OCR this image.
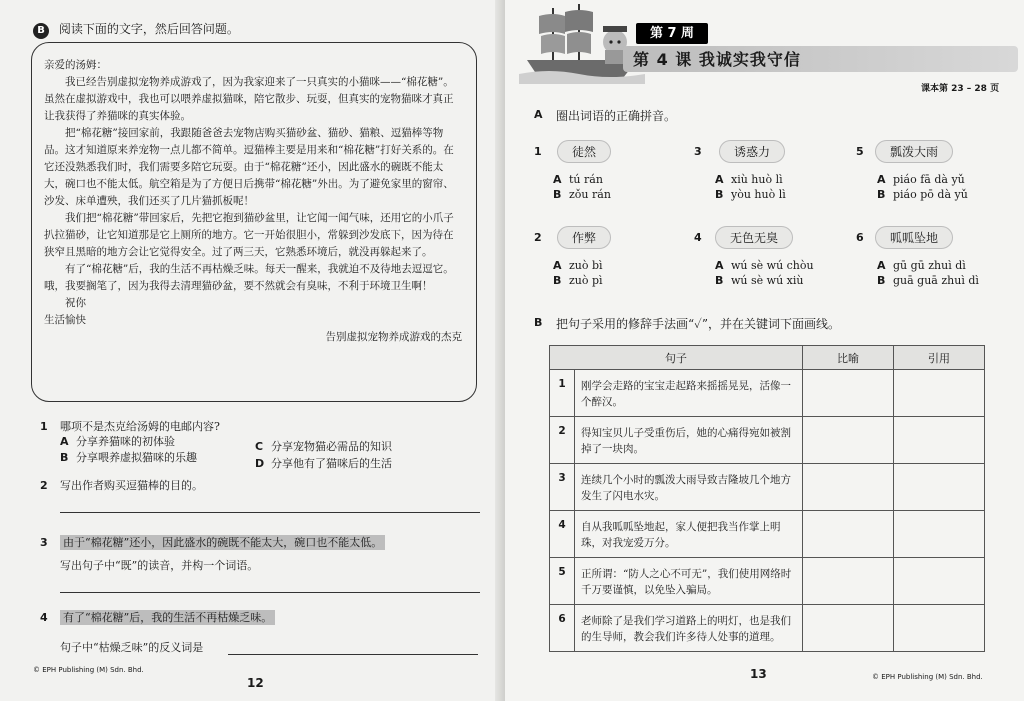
B 阅读下面的文字，然后回答问题。

亲爱的汤姆：

我已经告别虚拟宠物养成游戏了，因为我家迎来了一只真实的小猫咪——“棉花糖”。虽然在虚拟游戏中，我也可以喂养虚拟猫咪，陪它散步、玩耍，但真实的宠物猫咪才真正让我获得了养猫咪的真实体验。

把“棉花糖”接回家前，我跟随爸爸去宠物店购买猫砂盆、猫砂、猫粮、逗猫棒等物品。这才知道原来养宠物一点儿都不简单。逗猫棒主要是用来和“棉花糖”打好关系的。在它还没熟悉我们时，我们需要多陪它玩耍。由于“棉花糖”还小，因此盛水的碗既不能太大，碗口也不能太低。航空箱是为了方便日后携带“棉花糖”外出。为了避免家里的窗帘、沙发、床单遭殃，我们还买了几片猫抓板呢！

我们把“棉花糖”带回家后，先把它抱到猫砂盆里，让它闻一闻气味，还用它的小爪子扒拉猫砂，让它知道那是它上厕所的地方。它一开始很胆小，常躲到沙发底下，因为待在狭窄且黑暗的地方会让它觉得安全。过了两三天，它熟悉环境后，就没再躲起来了。

有了“棉花糖”后，我的生活不再枯燥乏味。每天一醒来，我就迫不及待地去逗逗它。哦，我要搁笔了，因为我得去清理猫砂盆，要不然就会有臭味，不利于环境卫生啊！

祝你

生活愉快

告别虚拟宠物养成游戏的杰克

1 哪项不是杰克给汤姆的电邮内容?
A 分享养猫咪的初体验
B 分享喂养虚拟猫咪的乐趣
C 分享宠物猫必需品的知识
D 分享他有了猫咪后的生活
2 写出作者购买逗猫棒的目的。
3 由于“棉花糖”还小，因此盛水的碗既不能太大，碗口也不能太低。
写出句子中“既”的读音，并构一个词语。
4 有了“棉花糖”后，我的生活不再枯燥乏味。
句子中“枯燥乏味”的反义词是
© EPH Publishing (M) Sdn. Bhd.
12
第 7 周
第 4 课 我诚实我守信
课本第 23 – 28 页
A 圈出词语的正确拼音。
1	徒然
A tú rán
B zǒu rán
3	诱惑力
A xiù huò lì
B yòu huò lì
5	瓢泼大雨
A piáo fā dà yǔ
B piáo pō dà yǔ
2	作弊
A zuò bì
B zuò pì
4	无色无臭
A wú sè wú chòu
B wú sè wú xiù
6	呱呱坠地
A gū gū zhuì dì
B guā guā zhuì dì
B 把句子采用的修辞手法画“✓”，并在关键词下面画线。
© EPH Publishing (M) Sdn. Bhd.
13
句子		比喻	引用
1	刚学会走路的宝宝走起路来摇摇晃晃，活像一个醉汉。		
2	得知宝贝儿子受重伤后，她的心痛得宛如被割掉了一块肉。		
3	连续几个小时的瓢泼大雨导致吉隆坡几个地方发生了闪电水灾。		
4	自从我呱呱坠地起，家人便把我当作掌上明珠，对我宠爱万分。		
5	正所谓：“防人之心不可无”，我们使用网络时千万要谨慎，以免坠入骗局。		
6	老师除了是我们学习道路上的明灯，也是我们的生导师，教会我们许多待人处事的道理。		
